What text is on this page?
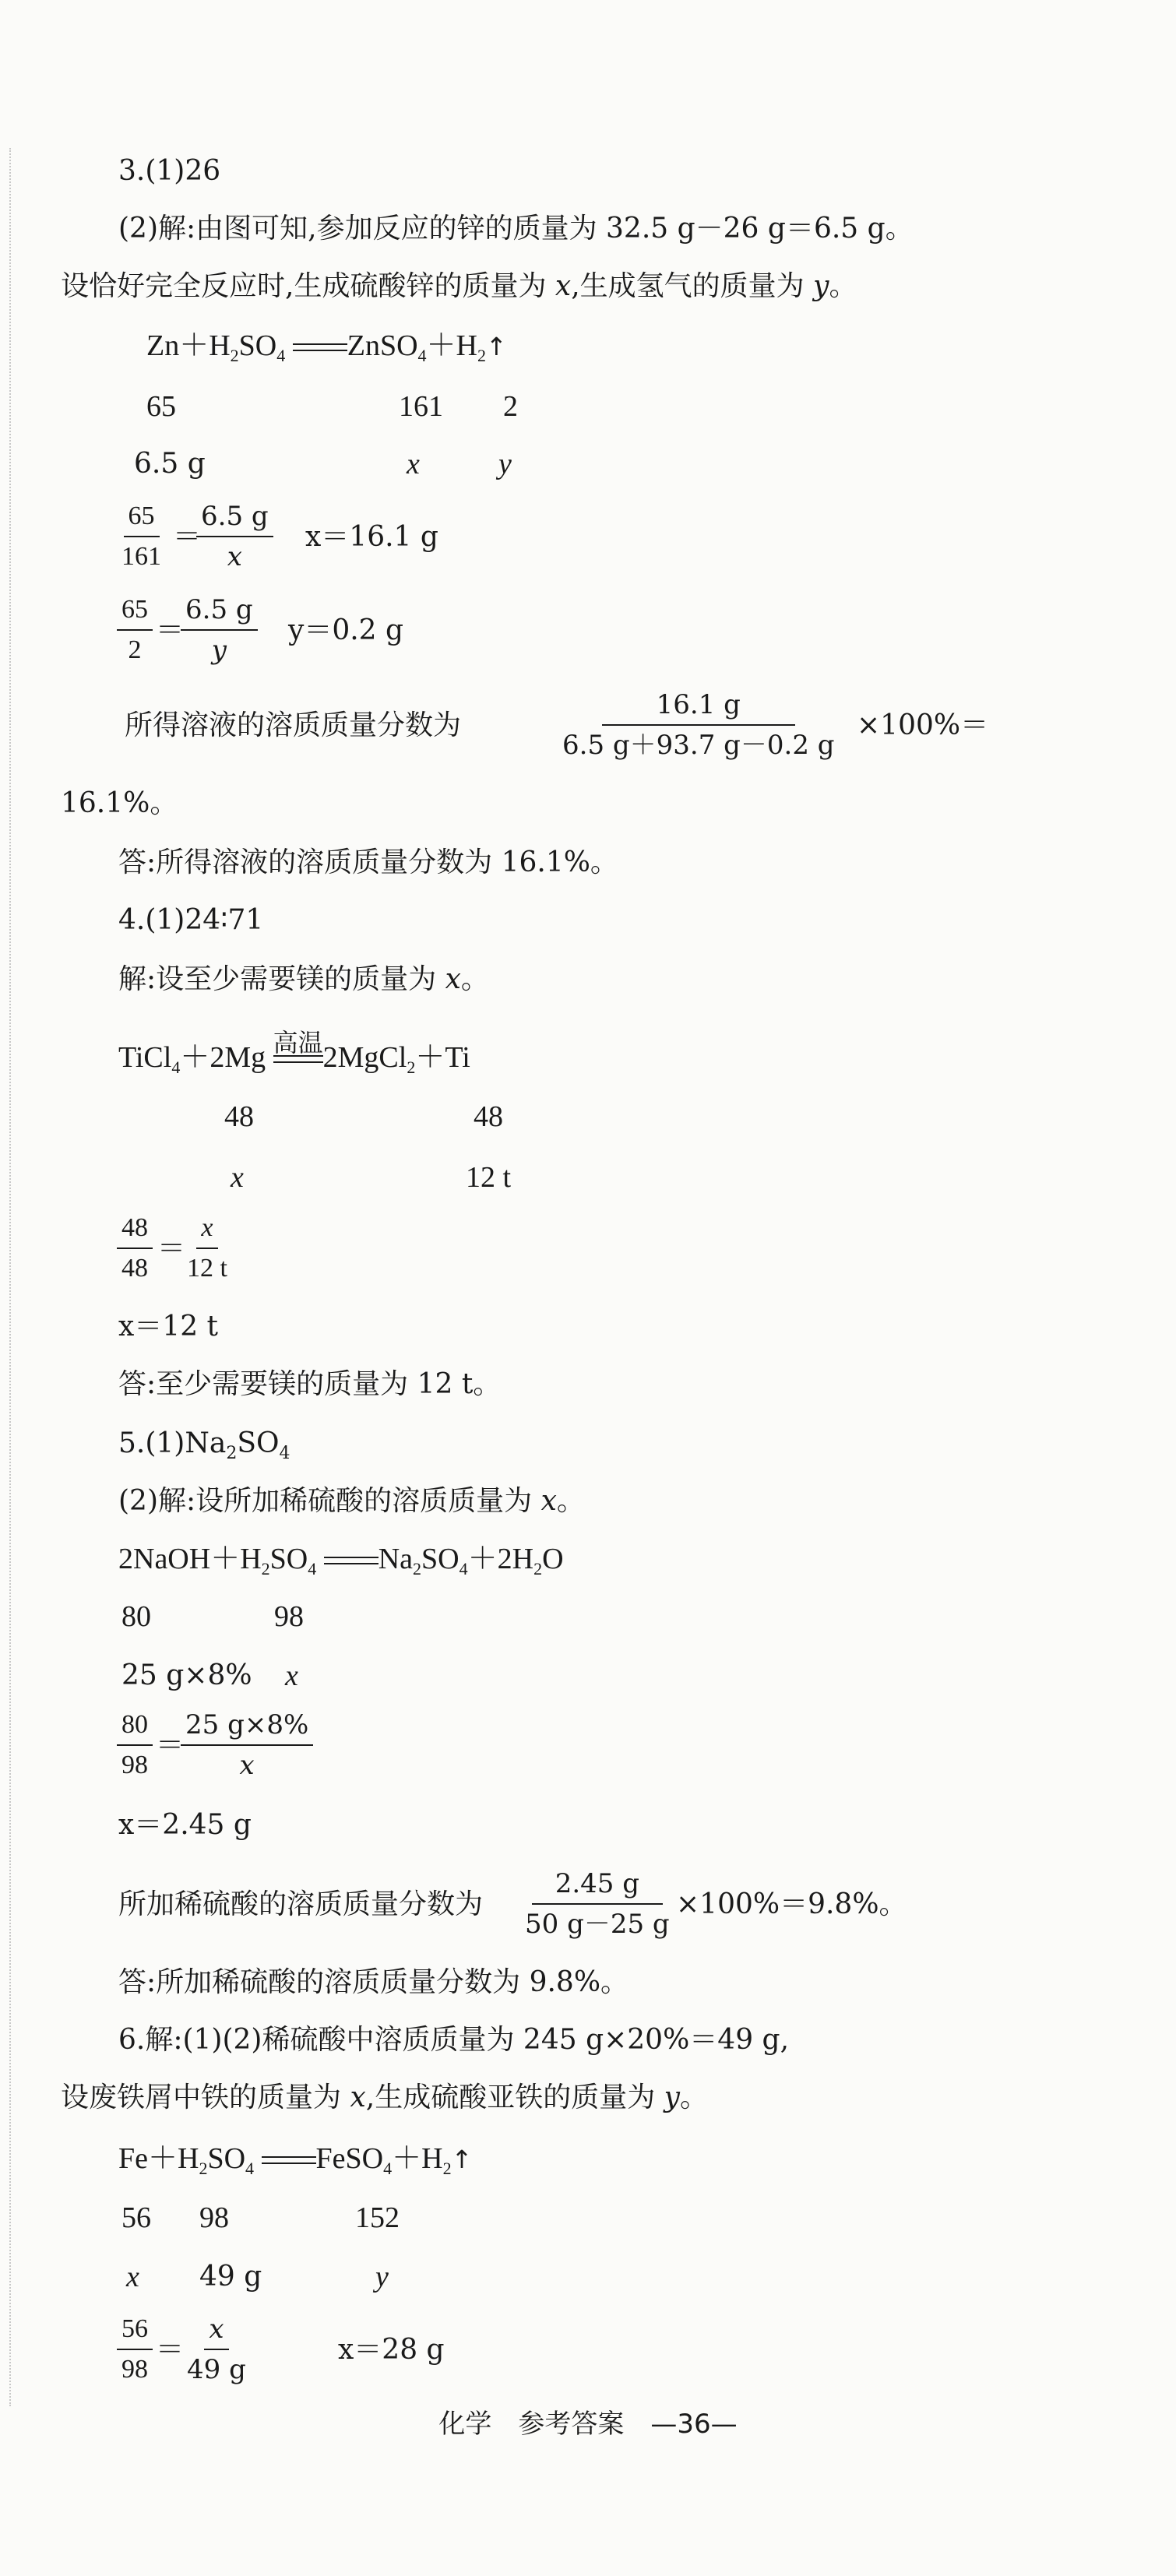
3.(1)26
(2)解:由图可知,参加反应的锌的质量为 32.5 g－26 g＝6.5 g。
设恰好完全反应时,生成硫酸锌的质量为 x,生成氢气的质量为 y。
$Zn+H_2SO_4$ $ZnSO_4+H_2↑$
65	161 2
6.5 g	x	y
$\frac{65}{161}$ ＝
$\frac{6.5 g}{x} x=16.1$ g
$\frac{65}{2}$ ＝
$\frac{6.5 g}{y} y=0.2$ g
所得溶液的溶质质量分数为	$\frac{16.1 g}{6.5 g+93.7 g-0.2 g} \times 100\%=$
16.1%。
答:所得溶液的溶质质量分数为 16.1%。
4.(1)24∶71
解:设至少需要镁的质量为 x。
TiCl$_4$＋2Mg 高温 2MgCl$_2$＋Ti
48	48
x	12 t
$\frac{48}{48}$ ＝
$\frac{x}{12 t}$
x＝12 t
答:至少需要镁的质量为 12 t。
$5.(1)Na_2SO_4$
(2)解:设所加稀硫酸的溶质质量为 x。
$2NaOH+H_2SO_4$ $Na_2SO_4+2H_2O$
80	98
25 g×8% x
$\frac{80}{98}$ ＝
$\frac{25 g\times 8\%}{x}$
x＝2.45 g
所加稀硫酸的溶质质量分数为 $\frac{2.45 g}{50 g-25 g} \times 100\%=9.8\%$。
答:所加稀硫酸的溶质质量分数为 9.8%。
6.解:(1)(2)稀硫酸中溶质质量为 245 g×20%＝49 g,
设废铁屑中铁的质量为 x,生成硫酸亚铁的质量为 y。
$Fe+H_2SO_4$ $FeSO_4+H_2↑$
56 98	152
x 49 g	y
$\frac{56}{98}$ ＝
$\frac{x}{49 g}$	x＝28 g
化学　参考答案　—36—
